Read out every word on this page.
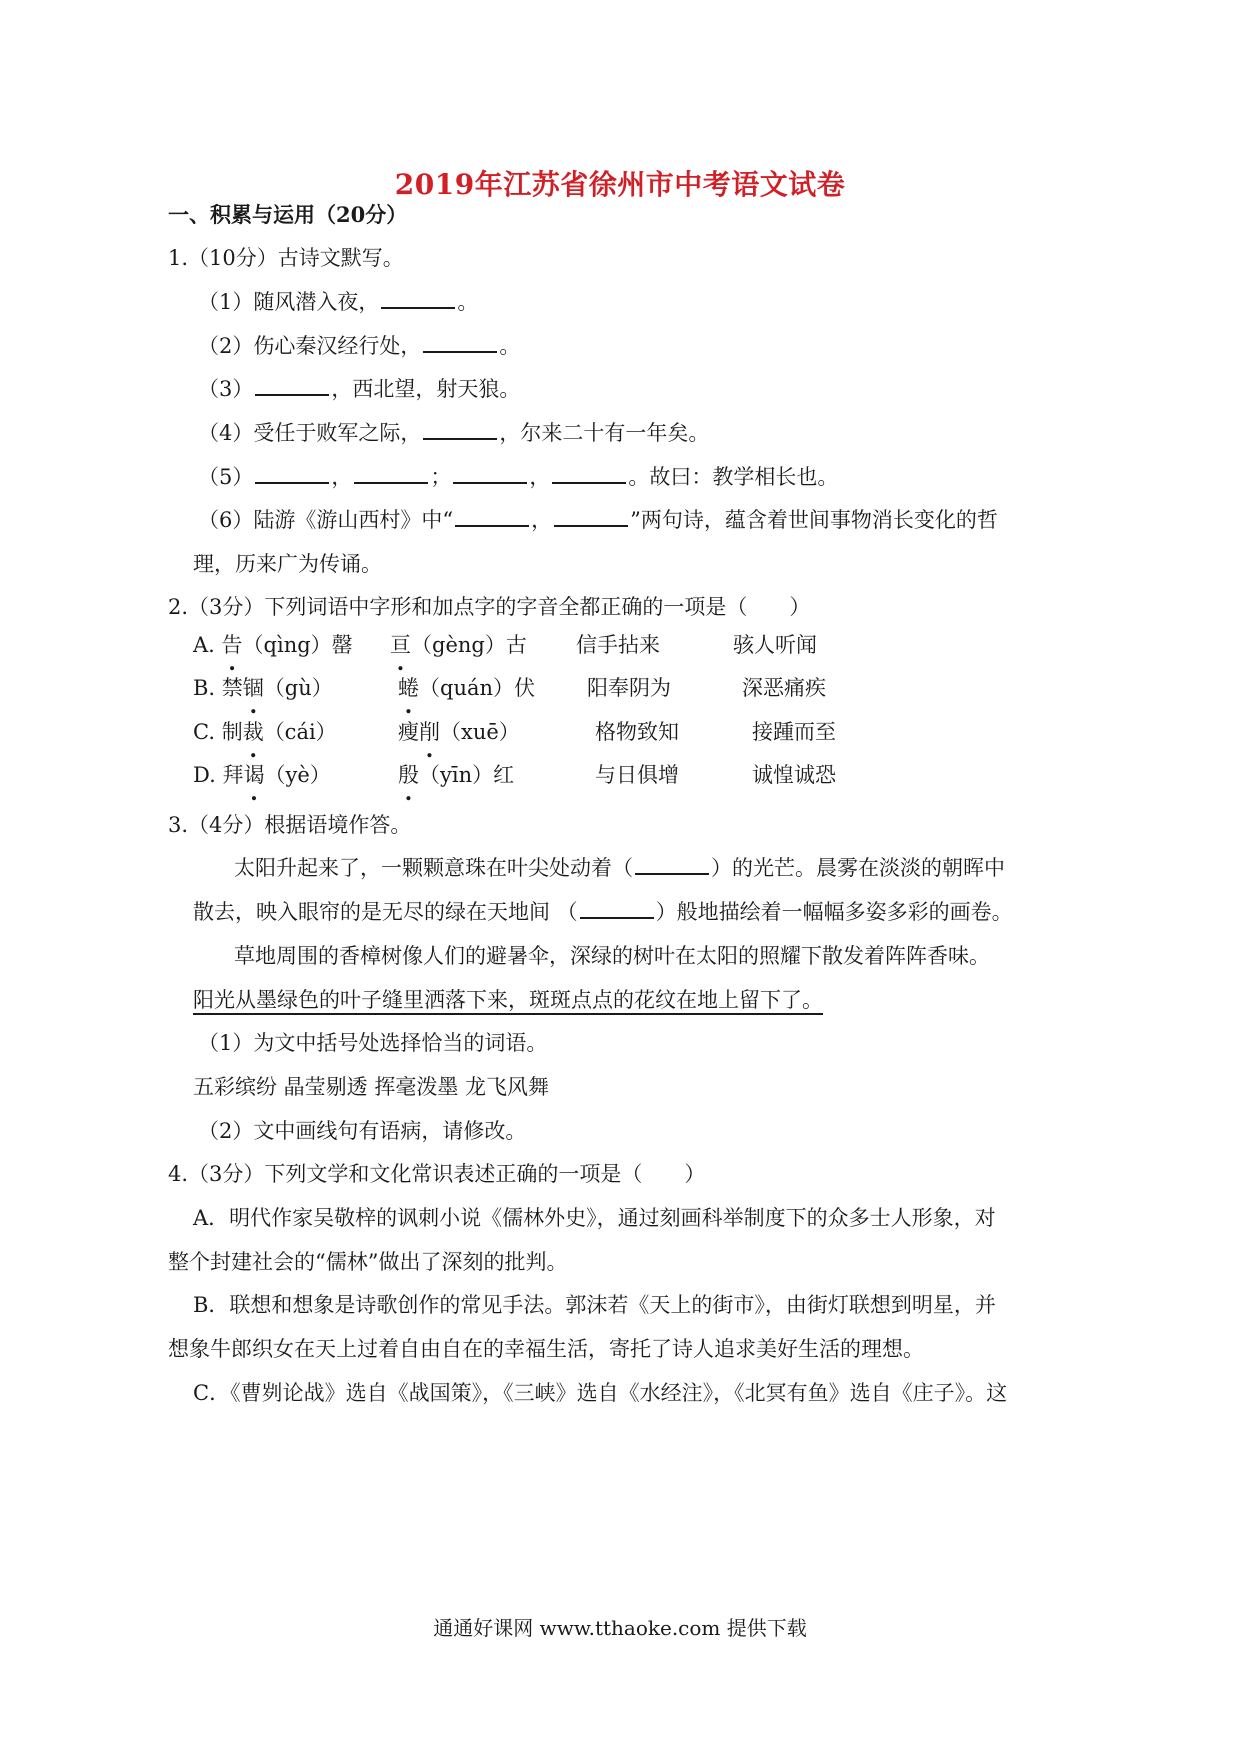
2019年江苏省徐州市中考语文试卷
一、积累与运用（20分）
1.（10分）古诗文默写。
（1）随风潜入夜，	。
（2）伤心秦汉经行处，	。
（3）	，西北望，射天狼。
（4）受任于败军之际，	，尔来二十有一年矣。
（5）	，	；	，	。故曰：教学相长也。
（6）陆游《游山西村》中“	，	”两句诗，蕴含着世间事物消长变化的哲
理，历来广为传诵。
2.（3分）下列词语中字形和加点字的字音全都正确的一项是（　　）
A. 告（qìng）罄 亘（gèng）古 信手拈来	骇人听闻
B. 禁锢（gù）	蜷（quán）伏 阳奉阴为	深恶痛疾
C. 制裁（cái）	瘦削（xuē）	格物致知	接踵而至
D. 拜谒（yè）	殷（yīn）红	与日俱增	诚惶诚恐
3.（4分）根据语境作答。
太阳升起来了，一颗颗意珠在叶尖处动着（	）的光芒。晨雾在淡淡的朝晖中
散去，映入眼帘的是无尽的绿在天地间 （	）般地描绘着一幅幅多姿多彩的画卷。
草地周围的香樟树像人们的避暑伞，深绿的树叶在太阳的照耀下散发着阵阵香味。
阳光从墨绿色的叶子缝里洒落下来，斑斑点点的花纹在地上留下了。
（1）为文中括号处选择恰当的词语。
五彩缤纷 晶莹剔透 挥毫泼墨 龙飞风舞
（2）文中画线句有语病，请修改。
4.（3分）下列文学和文化常识表述正确的一项是（　　）
A．明代作家吴敬梓的讽刺小说《儒林外史》，通过刻画科举制度下的众多士人形象，对
整个封建社会的“儒林”做出了深刻的批判。
B．联想和想象是诗歌创作的常见手法。郭沫若《天上的街市》，由街灯联想到明星，并
想象牛郎织女在天上过着自由自在的幸福生活，寄托了诗人追求美好生活的理想。
C．《曹刿论战》选自《战国策》，《三峡》选自《水经注》，《北冥有鱼》选自《庄子》。这
通通好课网 www.tthaoke.com 提供下载
